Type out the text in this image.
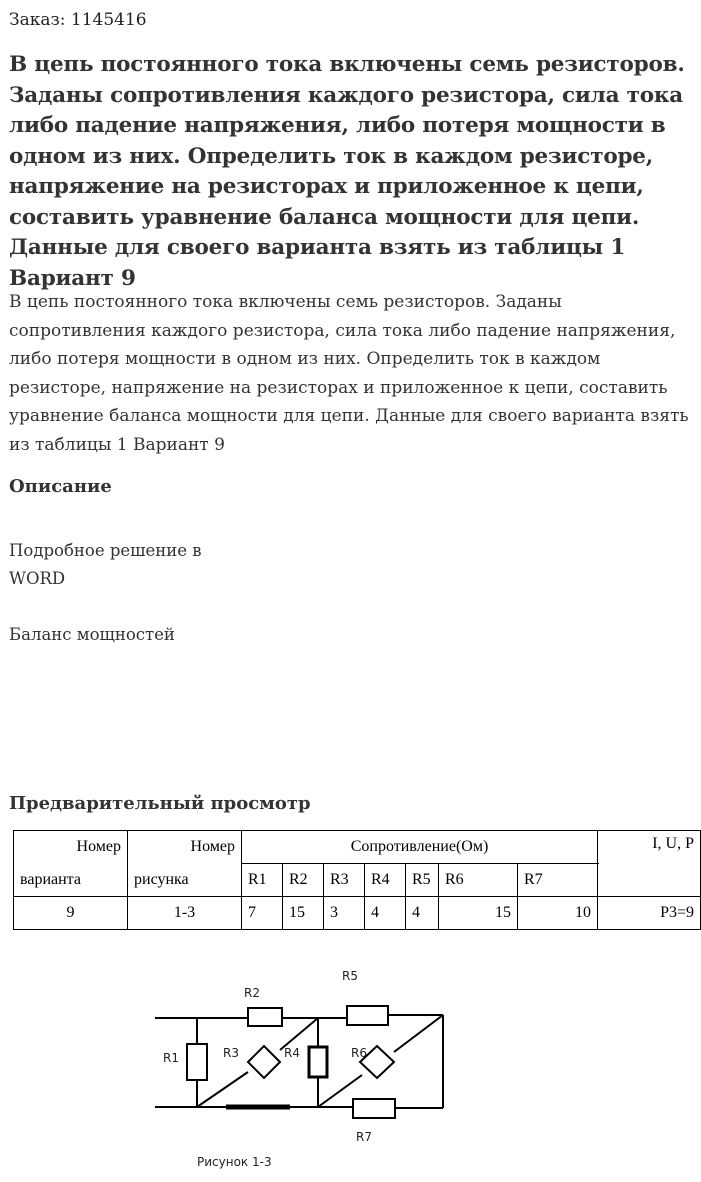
Заказ: 1145416
В цепь постоянного тока включены семь резисторов. Заданы сопротивления каждого резистора, сила тока либо падение напряжения, либо потеря мощности в одном из них. Определить ток в каждом резисторе, напряжение на резисторах и приложенное к цепи, составить уравнение баланса мощности для цепи. Данные для своего варианта взять из таблицы 1 Вариант 9

В цепь постоянного тока включены семь резисторов. Заданы сопротивления каждого резистора, сила тока либо падение напряжения, либо потеря мощности в одном из них. Определить ток в каждом резисторе, напряжение на резисторах и приложенное к цепи, составить уравнение баланса мощности для цепи. Данные для своего варианта взять из таблицы 1 Вариант 9

Описание

Подробное решение в

WORD

Баланс мощностей

Предварительный просмотр
Номер	Номер	Сопротивление(Ом)							I, U, P
варианта	рисунка	R1	R2	R3	R4	R5	R6	R7	
9	1-3	7	15	3	4	4	15	10	P3=9
R2
R5
R1	R3	R4	R6
R7
Рисунок 1-3
